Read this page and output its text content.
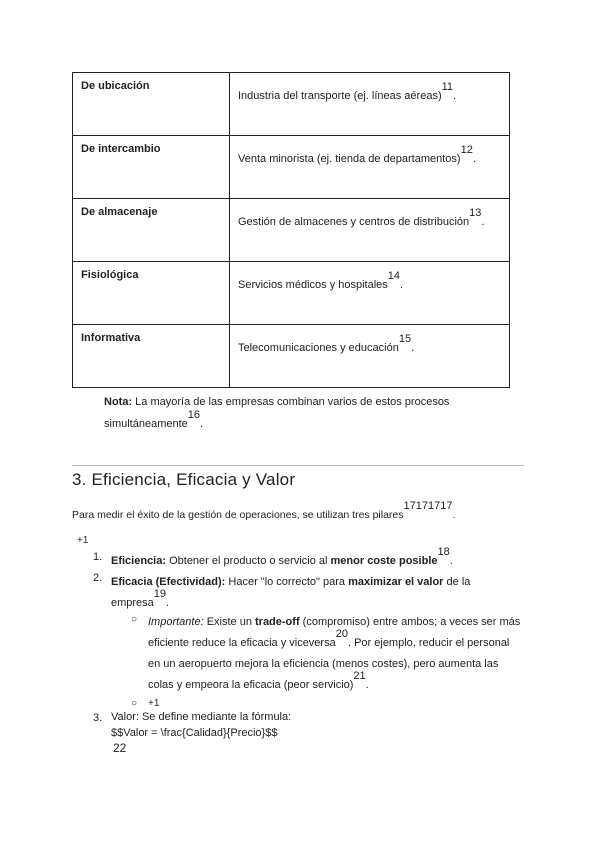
De ubicación	Industria del transporte (ej. líneas aéreas)$^{11}$.
De intercambio	Venta minorista (ej. tienda de departamentos)$^{12}$.
De almacenaje	Gestión de almacenes y centros de distribución$^{13}$.
Fisiológica	Servicios médicos y hospitales$^{14}$.
Informativa	Telecomunicaciones y educación$^{15}$.
Nota: La mayoría de las empresas combinan varios de estos procesos
simultáneamente$^{16}$.
3. Eficiencia, Eficacia y Valor
Para medir el éxito de la gestión de operaciones, se utilizan tres pilares$^{17171717}$.
+1
1. Eficiencia: Obtener el producto o servicio al menor coste posible$^{18}$.
2. Eficacia (Efectividad): Hacer "lo correcto" para maximizar el valor de la
empresa$^{19}$.
○ Importante: Existe un trade-off (compromiso) entre ambos; a veces ser más
eficiente reduce la eficacia y viceversa$^{20}$. Por ejemplo, reducir el personal
en un aeropuerto mejora la eficiencia (menos costes), pero aumenta las
colas y empeora la eficacia (peor servicio)$^{21}$.
○ +1
3. Valor: Se define mediante la fórmula:
$$Valor = \frac{Calidad}{Precio}$$
22
